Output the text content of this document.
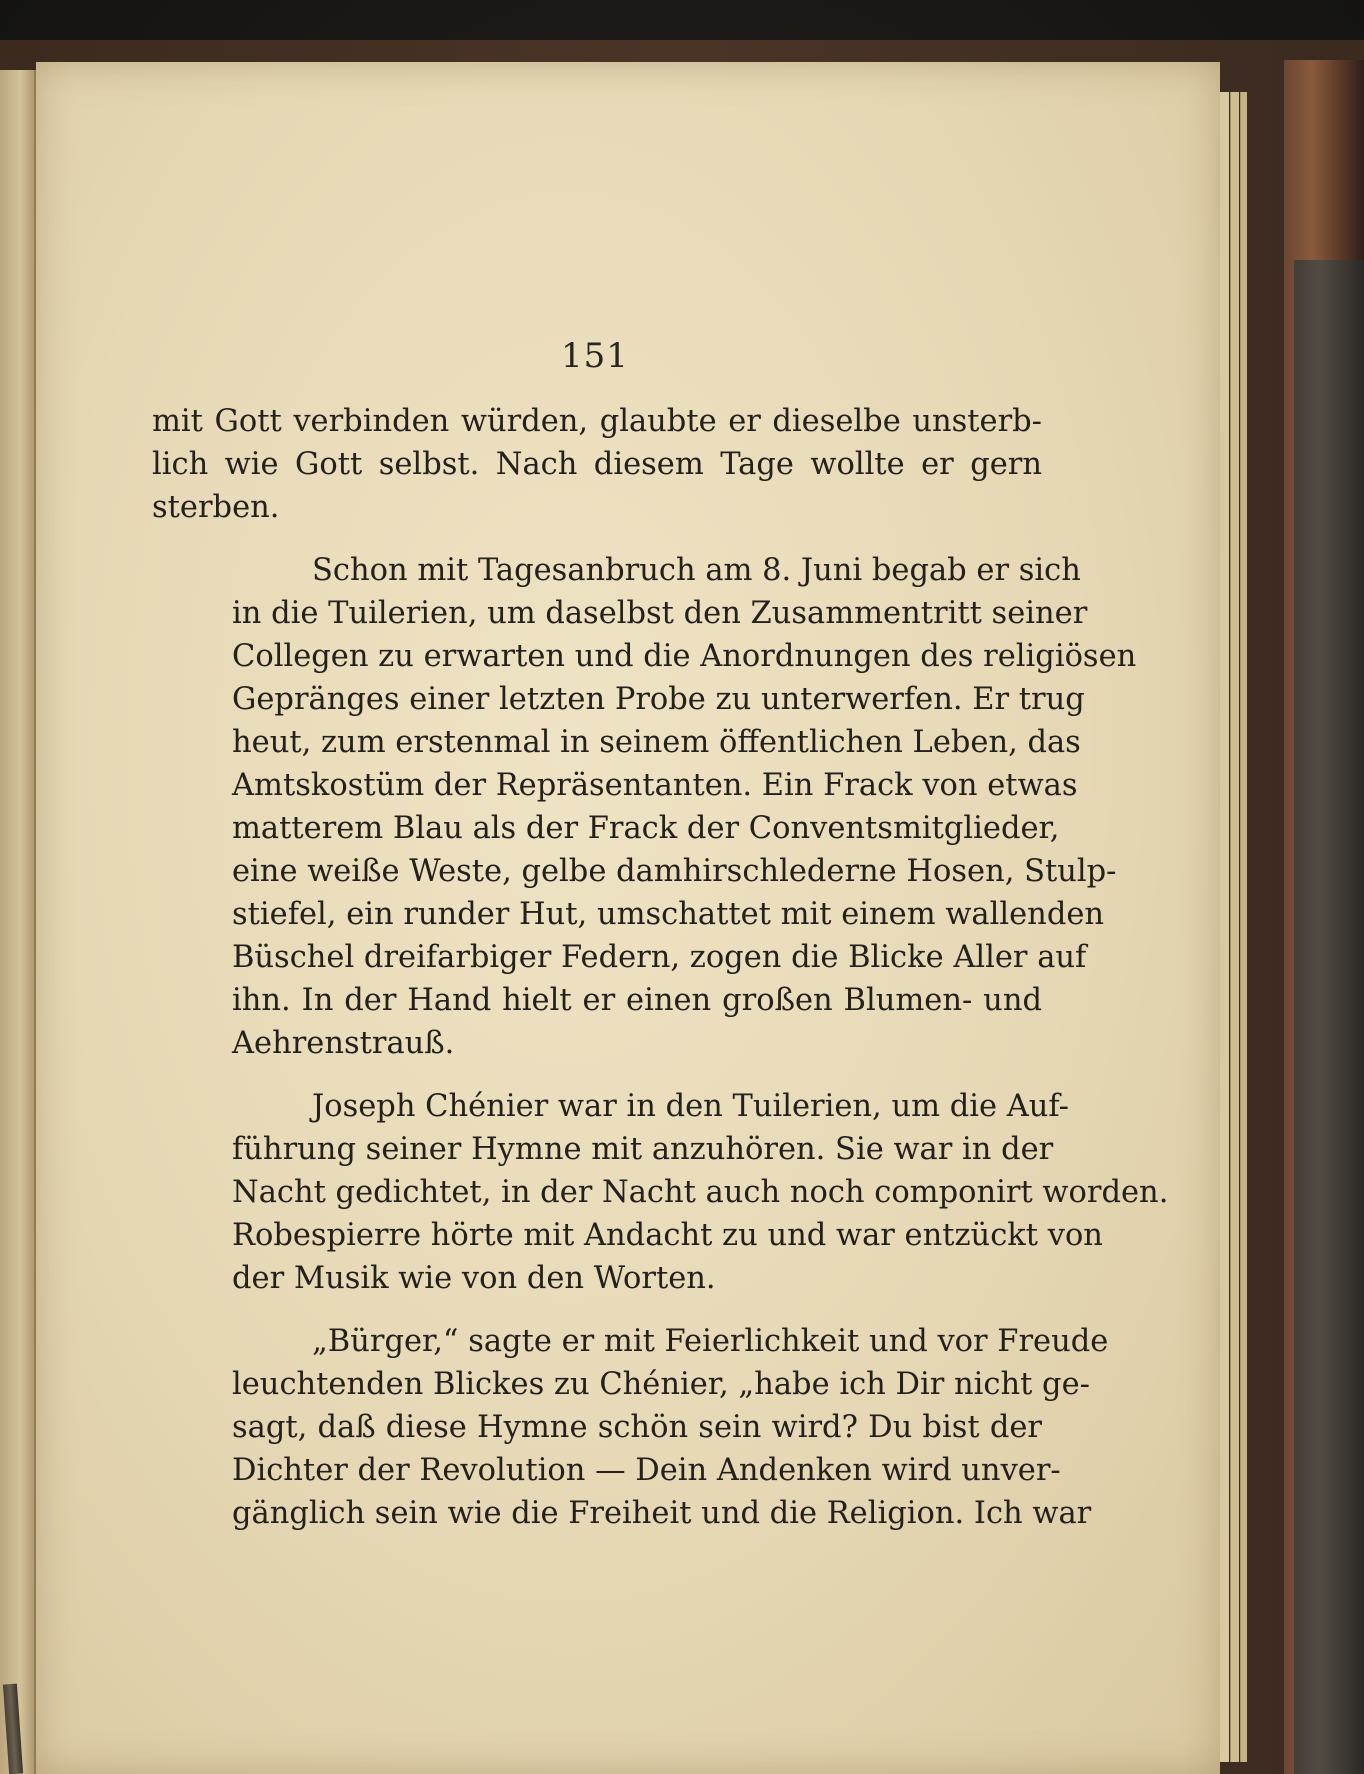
151

mit Gott verbinden würden, glaubte er dieselbe unsterb-
lich wie Gott selbst. Nach diesem Tage wollte er gern
sterben.

Schon mit Tagesanbruch am 8. Juni begab er sich
in die Tuilerien, um daselbst den Zusammentritt seiner
Collegen zu erwarten und die Anordnungen des religiösen
Gepränges einer letzten Probe zu unterwerfen. Er trug
heut, zum erstenmal in seinem öffentlichen Leben, das
Amtskostüm der Repräsentanten. Ein Frack von etwas
matterem Blau als der Frack der Conventsmitglieder,
eine weiße Weste, gelbe damhirschlederne Hosen, Stulp-
stiefel, ein runder Hut, umschattet mit einem wallenden
Büschel dreifarbiger Federn, zogen die Blicke Aller auf
ihn. In der Hand hielt er einen großen Blumen- und
Aehrenstrauß.

Joseph Chénier war in den Tuilerien, um die Auf-
führung seiner Hymne mit anzuhören. Sie war in der
Nacht gedichtet, in der Nacht auch noch componirt worden.
Robespierre hörte mit Andacht zu und war entzückt von
der Musik wie von den Worten.

„Bürger,“ sagte er mit Feierlichkeit und vor Freude
leuchtenden Blickes zu Chénier, „habe ich Dir nicht ge-
sagt, daß diese Hymne schön sein wird? Du bist der
Dichter der Revolution — Dein Andenken wird unver-
gänglich sein wie die Freiheit und die Religion. Ich war
